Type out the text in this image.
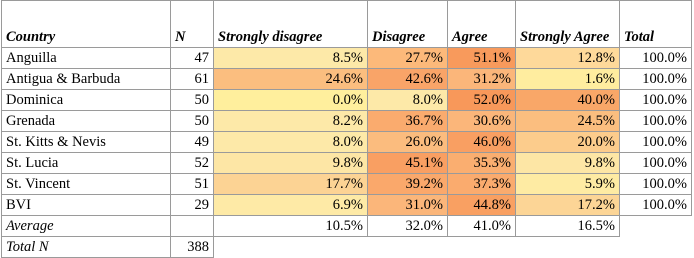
Country	N	Strongly disagree	Disagree	Agree	Strongly Agree	Total
Anguilla	47	8.5%	27.7%	51.1%	12.8%	100.0%
Antigua & Barbuda	61	24.6%	42.6%	31.2%	1.6%	100.0%
Dominica	50	0.0%	8.0%	52.0%	40.0%	100.0%
Grenada	50	8.2%	36.7%	30.6%	24.5%	100.0%
St. Kitts & Nevis	49	8.0%	26.0%	46.0%	20.0%	100.0%
St. Lucia	52	9.8%	45.1%	35.3%	9.8%	100.0%
St. Vincent	51	17.7%	39.2%	37.3%	5.9%	100.0%
BVI	29	6.9%	31.0%	44.8%	17.2%	100.0%
Average		10.5%	32.0%	41.0%	16.5%	
Total N	388					
